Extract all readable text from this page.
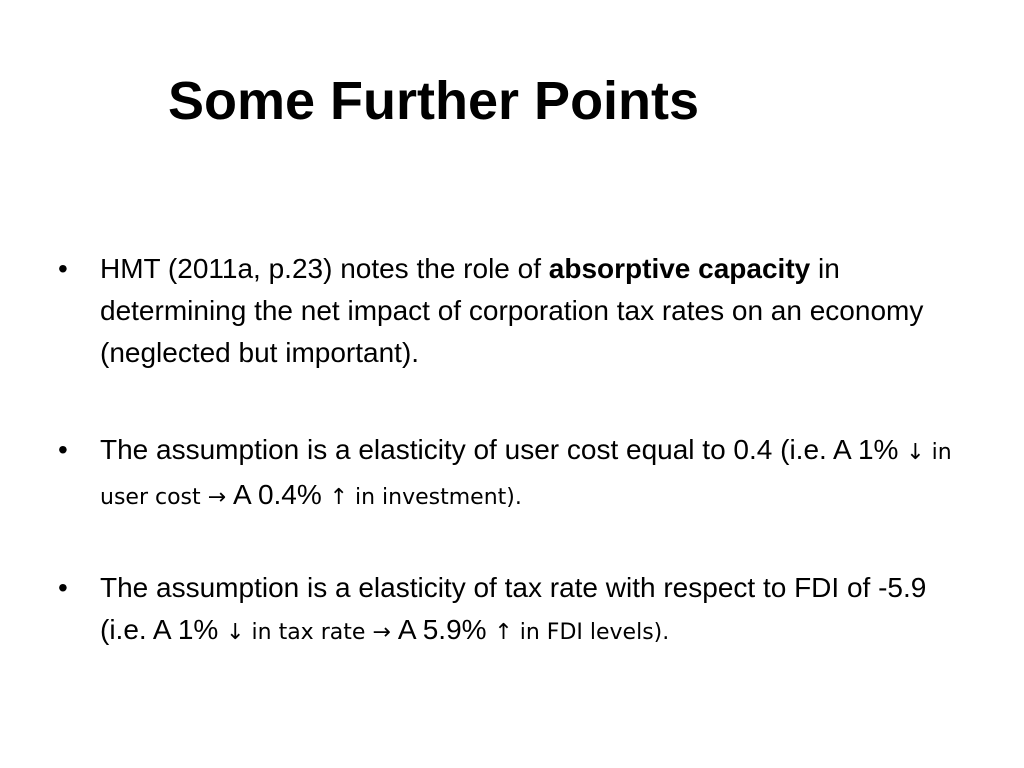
Some Further Points
• HMT (2011a, p.23) notes the role of absorptive capacity in determining the net impact of corporation tax rates on an economy (neglected but important).
• The assumption is a elasticity of user cost equal to 0.4 (i.e. A 1% ↓ in user cost → A 0.4% ↑ in investment).
• The assumption is a elasticity of tax rate with respect to FDI of -5.9 (i.e. A 1% ↓ in tax rate → A 5.9% ↑ in FDI levels).
